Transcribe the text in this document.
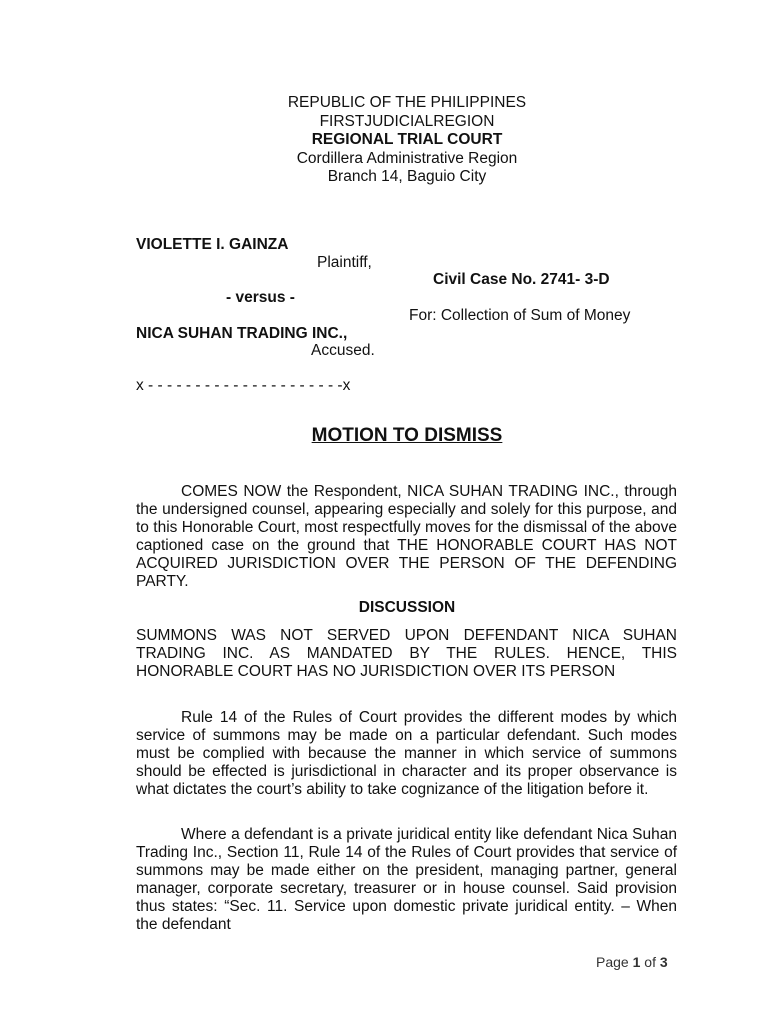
REPUBLIC OF THE PHILIPPINES
FIRSTJUDICIALREGION
REGIONAL TRIAL COURT
Cordillera Administrative Region
Branch 14, Baguio City
VIOLETTE I. GAINZA
Plaintiff,
- versus -
NICA SUHAN TRADING INC.,
Accused.
x - - - - - - - - - - - - - - - - - - - - -x
Civil Case No. 2741- 3-D
For: Collection of Sum of Money
MOTION TO DISMISS

COMES NOW the Respondent, NICA SUHAN TRADING INC., through the undersigned counsel, appearing especially and solely for this purpose, and to this Honorable Court, most respectfully moves for the dismissal of the above captioned case on the ground that THE HONORABLE COURT HAS NOT ACQUIRED JURISDICTION OVER THE PERSON OF THE DEFENDING PARTY.

DISCUSSION

SUMMONS WAS NOT SERVED UPON DEFENDANT NICA SUHAN TRADING INC. AS MANDATED BY THE RULES. HENCE, THIS HONORABLE COURT HAS NO JURISDICTION OVER ITS PERSON

Rule 14 of the Rules of Court provides the different modes by which service of summons may be made on a particular defendant. Such modes must be complied with because the manner in which service of summons should be effected is jurisdictional in character and its proper observance is what dictates the court’s ability to take cognizance of the litigation before it.

Where a defendant is a private juridical entity like defendant Nica Suhan Trading Inc., Section 11, Rule 14 of the Rules of Court provides that service of summons may be made either on the president, managing partner, general manager, corporate secretary, treasurer or in house counsel. Said provision thus states: “Sec. 11. Service upon domestic private juridical entity. – When the defendant

Page 1 of 3
